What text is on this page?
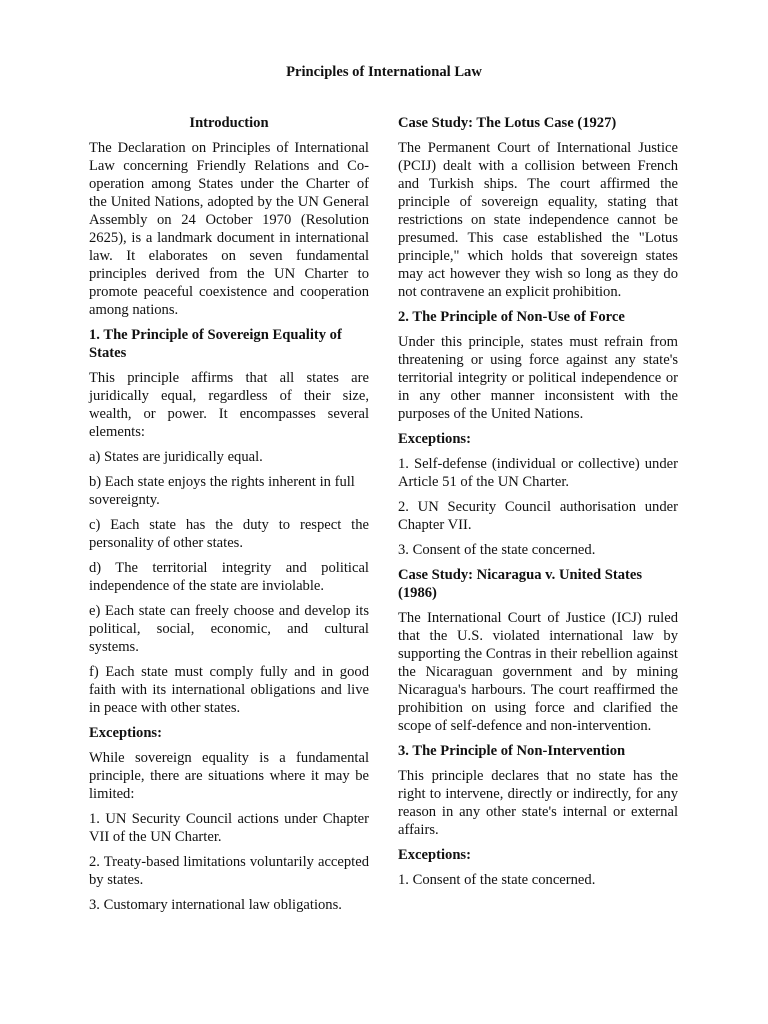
Principles of International Law

Introduction

The Declaration on Principles of International Law concerning Friendly Relations and Co-operation among States under the Charter of the United Nations, adopted by the UN General Assembly on 24 October 1970 (Resolution 2625), is a landmark document in international law. It elaborates on seven fundamental principles derived from the UN Charter to promote peaceful coexistence and cooperation among nations.

1. The Principle of Sovereign Equality of States

This principle affirms that all states are juridically equal, regardless of their size, wealth, or power. It encompasses several elements:

a) States are juridically equal.

b) Each state enjoys the rights inherent in full sovereignty.

c) Each state has the duty to respect the personality of other states.

d) The territorial integrity and political independence of the state are inviolable.

e) Each state can freely choose and develop its political, social, economic, and cultural systems.

f) Each state must comply fully and in good faith with its international obligations and live in peace with other states.

Exceptions:

While sovereign equality is a fundamental principle, there are situations where it may be limited:

1. UN Security Council actions under Chapter VII of the UN Charter.

2. Treaty-based limitations voluntarily accepted by states.

3. Customary international law obligations.

Case Study: The Lotus Case (1927)

The Permanent Court of International Justice (PCIJ) dealt with a collision between French and Turkish ships. The court affirmed the principle of sovereign equality, stating that restrictions on state independence cannot be presumed. This case established the "Lotus principle," which holds that sovereign states may act however they wish so long as they do not contravene an explicit prohibition.

2. The Principle of Non-Use of Force

Under this principle, states must refrain from threatening or using force against any state's territorial integrity or political independence or in any other manner inconsistent with the purposes of the United Nations.

Exceptions:

1. Self-defense (individual or collective) under Article 51 of the UN Charter.

2. UN Security Council authorisation under Chapter VII.

3. Consent of the state concerned.

Case Study: Nicaragua v. United States (1986)

The International Court of Justice (ICJ) ruled that the U.S. violated international law by supporting the Contras in their rebellion against the Nicaraguan government and by mining Nicaragua's harbours. The court reaffirmed the prohibition on using force and clarified the scope of self-defence and non-intervention.

3. The Principle of Non-Intervention

This principle declares that no state has the right to intervene, directly or indirectly, for any reason in any other state's internal or external affairs.

Exceptions:

1. Consent of the state concerned.
